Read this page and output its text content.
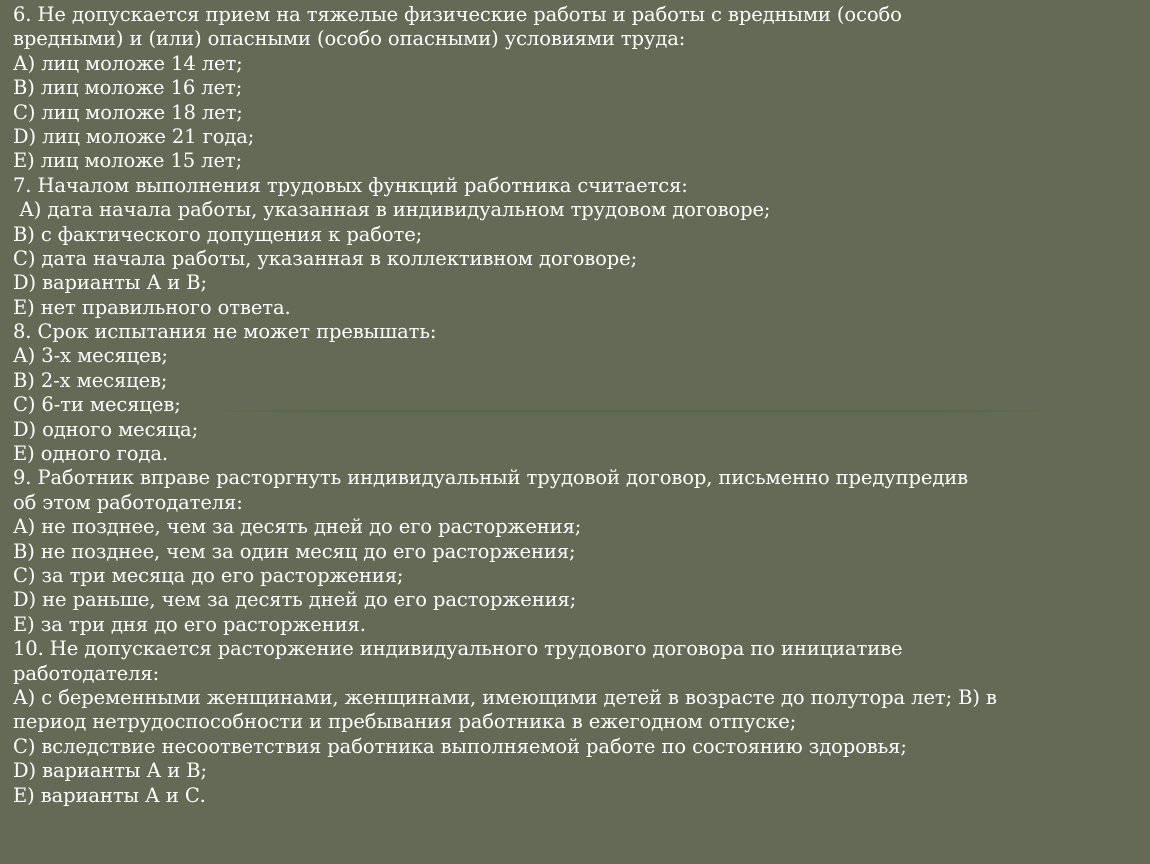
6. Не допускается прием на тяжелые физические работы и работы с вредными (особо
вредными) и (или) опасными (особо опасными) условиями труда:
А) лиц моложе 14 лет;
В) лиц моложе 16 лет;
С) лиц моложе 18 лет;
D) лиц моложе 21 года;
Е) лиц моложе 15 лет;
7. Началом выполнения трудовых функций работника считается:
А) дата начала работы, указанная в индивидуальном трудовом договоре;
В) с фактического допущения к работе;
С) дата начала работы, указанная в коллективном договоре;
D) варианты А и В;
Е) нет правильного ответа.
8. Срок испытания не может превышать:
А) 3-х месяцев;
В) 2-х месяцев;
С) 6-ти месяцев;
D) одного месяца;
Е) одного года.
9. Работник вправе расторгнуть индивидуальный трудовой договор, письменно предупредив
об этом работодателя:
А) не позднее, чем за десять дней до его расторжения;
В) не позднее, чем за один месяц до его расторжения;
С) за три месяца до его расторжения;
D) не раньше, чем за десять дней до его расторжения;
Е) за три дня до его расторжения.
10. Не допускается расторжение индивидуального трудового договора по инициативе
работодателя:
А) с беременными женщинами, женщинами, имеющими детей в возрасте до полутора лет; В) в
период нетрудоспособности и пребывания работника в ежегодном отпуске;
С) вследствие несоответствия работника выполняемой работе по состоянию здоровья;
D) варианты А и В;
Е) варианты А и С.
